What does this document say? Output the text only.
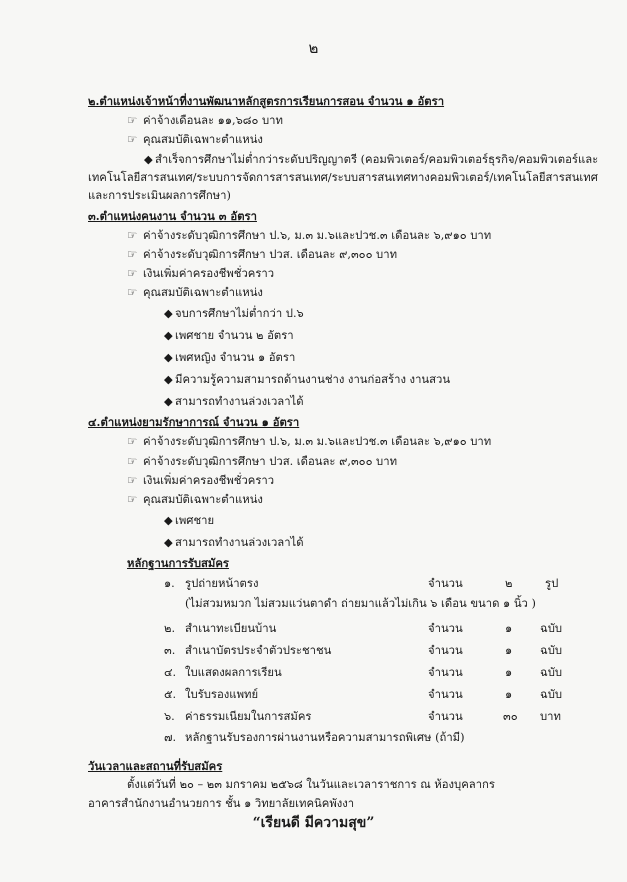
๒
๒.ตำแหน่งเจ้าหน้าที่งานพัฒนาหลักสูตรการเรียนการสอน จำนวน ๑ อัตรา
☞ ค่าจ้างเดือนละ ๑๑,๖๘๐ บาท
☞ คุณสมบัติเฉพาะตำแหน่ง
◆ สำเร็จการศึกษาไม่ต่ำกว่าระดับปริญญาตรี (คอมพิวเตอร์/คอมพิวเตอร์ธุรกิจ/คอมพิวเตอร์และ
เทคโนโลยีสารสนเทศ/ระบบการจัดการสารสนเทศ/ระบบสารสนเทศทางคอมพิวเตอร์/เทคโนโลยีสารสนเทศ
และการประเมินผลการศึกษา)
๓.ตำแหน่งคนงาน จำนวน ๓ อัตรา
☞ ค่าจ้างระดับวุฒิการศึกษา ป.๖, ม.๓ ม.๖และปวช.๓ เดือนละ ๖,๙๑๐ บาท
☞ ค่าจ้างระดับวุฒิการศึกษา ปวส. เดือนละ ๙,๓๐๐ บาท
☞ เงินเพิ่มค่าครองชีพชั่วคราว
☞ คุณสมบัติเฉพาะตำแหน่ง
◆ จบการศึกษาไม่ต่ำกว่า ป.๖
◆ เพศชาย จำนวน ๒ อัตรา
◆ เพศหญิง จำนวน ๑ อัตรา
◆ มีความรู้ความสามารถด้านงานช่าง งานก่อสร้าง งานสวน
◆ สามารถทำงานล่วงเวลาได้
๔.ตำแหน่งยามรักษาการณ์ จำนวน ๑ อัตรา
☞ ค่าจ้างระดับวุฒิการศึกษา ป.๖, ม.๓ ม.๖และปวช.๓ เดือนละ ๖,๙๑๐ บาท
☞ ค่าจ้างระดับวุฒิการศึกษา ปวส. เดือนละ ๙,๓๐๐ บาท
☞ เงินเพิ่มค่าครองชีพชั่วคราว
☞ คุณสมบัติเฉพาะตำแหน่ง
◆ เพศชาย
◆ สามารถทำงานล่วงเวลาได้
หลักฐานการรับสมัคร
๑. รูปถ่ายหน้าตรง	จำนวน	๒	รูป
(ไม่สวมหมวก ไม่สวมแว่นตาดำ ถ่ายมาแล้วไม่เกิน ๖ เดือน ขนาด ๑ นิ้ว )
๒. สำเนาทะเบียนบ้าน	จำนวน	๑ ฉบับ
๓. สำเนาบัตรประจำตัวประชาชน	จำนวน	๑ ฉบับ
๔. ใบแสดงผลการเรียน	จำนวน	๑ ฉบับ
๕. ใบรับรองแพทย์	จำนวน	๑ ฉบับ
๖. ค่าธรรมเนียมในการสมัคร	จำนวน	๓๐ บาท
๗. หลักฐานรับรองการผ่านงานหรือความสามารถพิเศษ (ถ้ามี)
วันเวลาและสถานที่รับสมัคร
ตั้งแต่วันที่ ๒๐ – ๒๓ มกราคม ๒๕๖๘ ในวันและเวลาราชการ ณ ห้องบุคลากร
อาคารสำนักงานอำนวยการ ชั้น ๑ วิทยาลัยเทคนิคพังงา
“เรียนดี มีความสุข”
